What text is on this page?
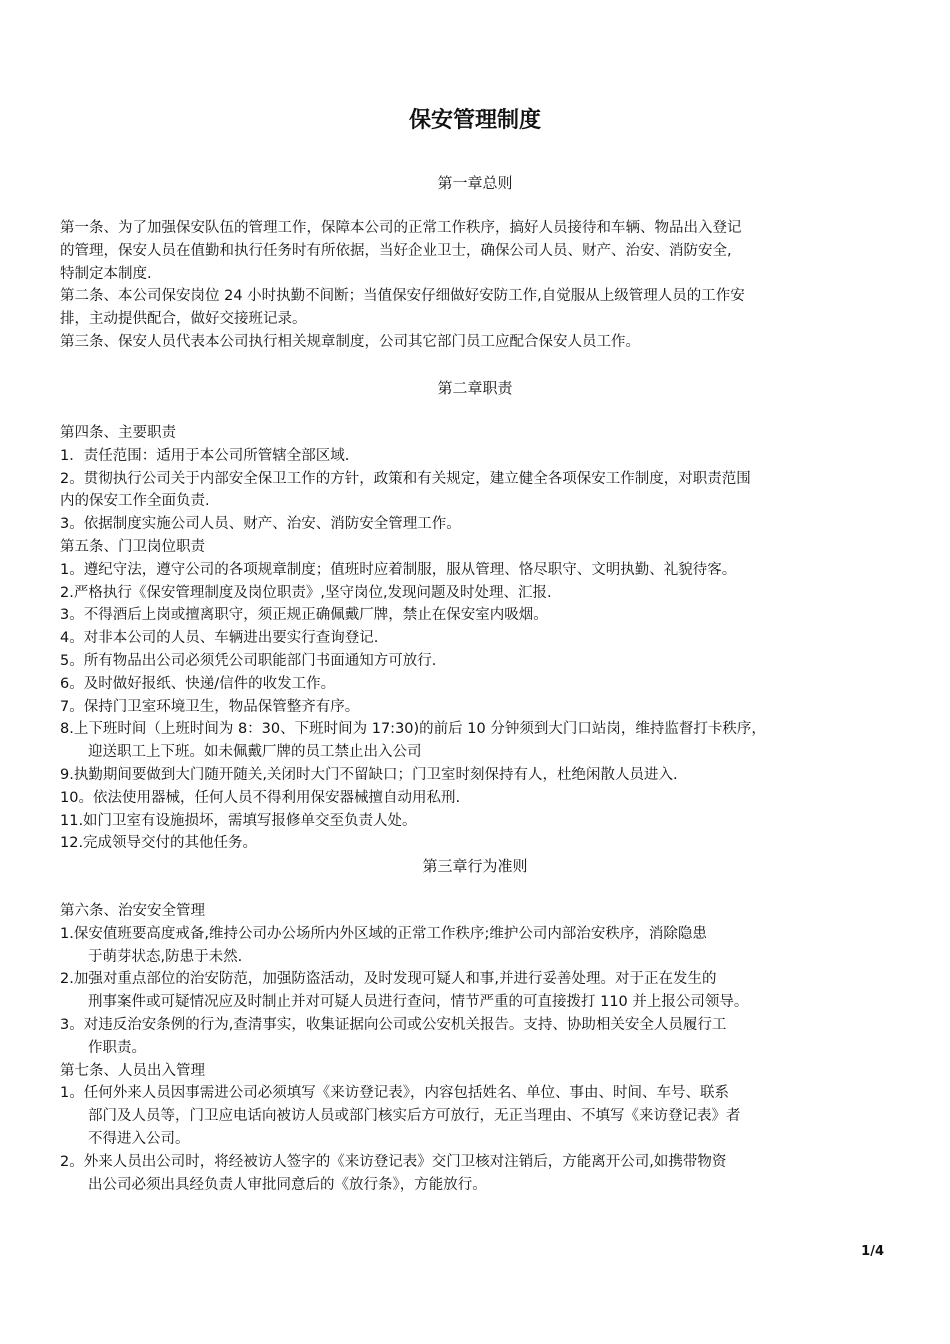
保安管理制度

第一章总则

第一条、为了加强保安队伍的管理工作，保障本公司的正常工作秩序，搞好人员接待和车辆、物品出入登记
的管理，保安人员在值勤和执行任务时有所依据，当好企业卫士，确保公司人员、财产、治安、消防安全,
特制定本制度.
第二条、本公司保安岗位 24 小时执勤不间断；当值保安仔细做好安防工作,自觉服从上级管理人员的工作安
排，主动提供配合，做好交接班记录。
第三条、保安人员代表本公司执行相关规章制度，公司其它部门员工应配合保安人员工作。

第二章职责

第四条、主要职责
1．责任范围：适用于本公司所管辖全部区域.
2。贯彻执行公司关于内部安全保卫工作的方针，政策和有关规定，建立健全各项保安工作制度，对职责范围
内的保安工作全面负责.
3。依据制度实施公司人员、财产、治安、消防安全管理工作。
第五条、门卫岗位职责
1。遵纪守法，遵守公司的各项规章制度；值班时应着制服，服从管理、恪尽职守、文明执勤、礼貌待客。
2.严格执行《保安管理制度及岗位职责》,坚守岗位,发现问题及时处理、汇报.
3。不得酒后上岗或擅离职守，须正规正确佩戴厂牌，禁止在保安室内吸烟。
4。对非本公司的人员、车辆进出要实行查询登记.
5。所有物品出公司必须凭公司职能部门书面通知方可放行.
6。及时做好报纸、快递/信件的收发工作。
7。保持门卫室环境卫生，物品保管整齐有序。
8.上下班时间（上班时间为 8：30、下班时间为 17:30)的前后 10 分钟须到大门口站岗，维持监督打卡秩序，
迎送职工上下班。如未佩戴厂牌的员工禁止出入公司
9.执勤期间要做到大门随开随关,关闭时大门不留缺口；门卫室时刻保持有人，杜绝闲散人员进入.
10。依法使用器械，任何人员不得利用保安器械擅自动用私刑.
11.如门卫室有设施损坏，需填写报修单交至负责人处。
12.完成领导交付的其他任务。

第三章行为准则

第六条、治安安全管理
1.保安值班要高度戒备,维持公司办公场所内外区域的正常工作秩序;维护公司内部治安秩序，消除隐患
于萌芽状态,防患于未然.
2.加强对重点部位的治安防范，加强防盗活动，及时发现可疑人和事,并进行妥善处理。对于正在发生的
刑事案件或可疑情况应及时制止并对可疑人员进行查问，情节严重的可直接拨打 110 并上报公司领导。
3。对违反治安条例的行为,查清事实，收集证据向公司或公安机关报告。支持、协助相关安全人员履行工
作职责。
第七条、人员出入管理
1。任何外来人员因事需进公司必须填写《来访登记表》，内容包括姓名、单位、事由、时间、车号、联系
部门及人员等，门卫应电话向被访人员或部门核实后方可放行，无正当理由、不填写《来访登记表》者
不得进入公司。
2。外来人员出公司时，将经被访人签字的《来访登记表》交门卫核对注销后，方能离开公司,如携带物资
出公司必须出具经负责人审批同意后的《放行条》，方能放行。
1/4
